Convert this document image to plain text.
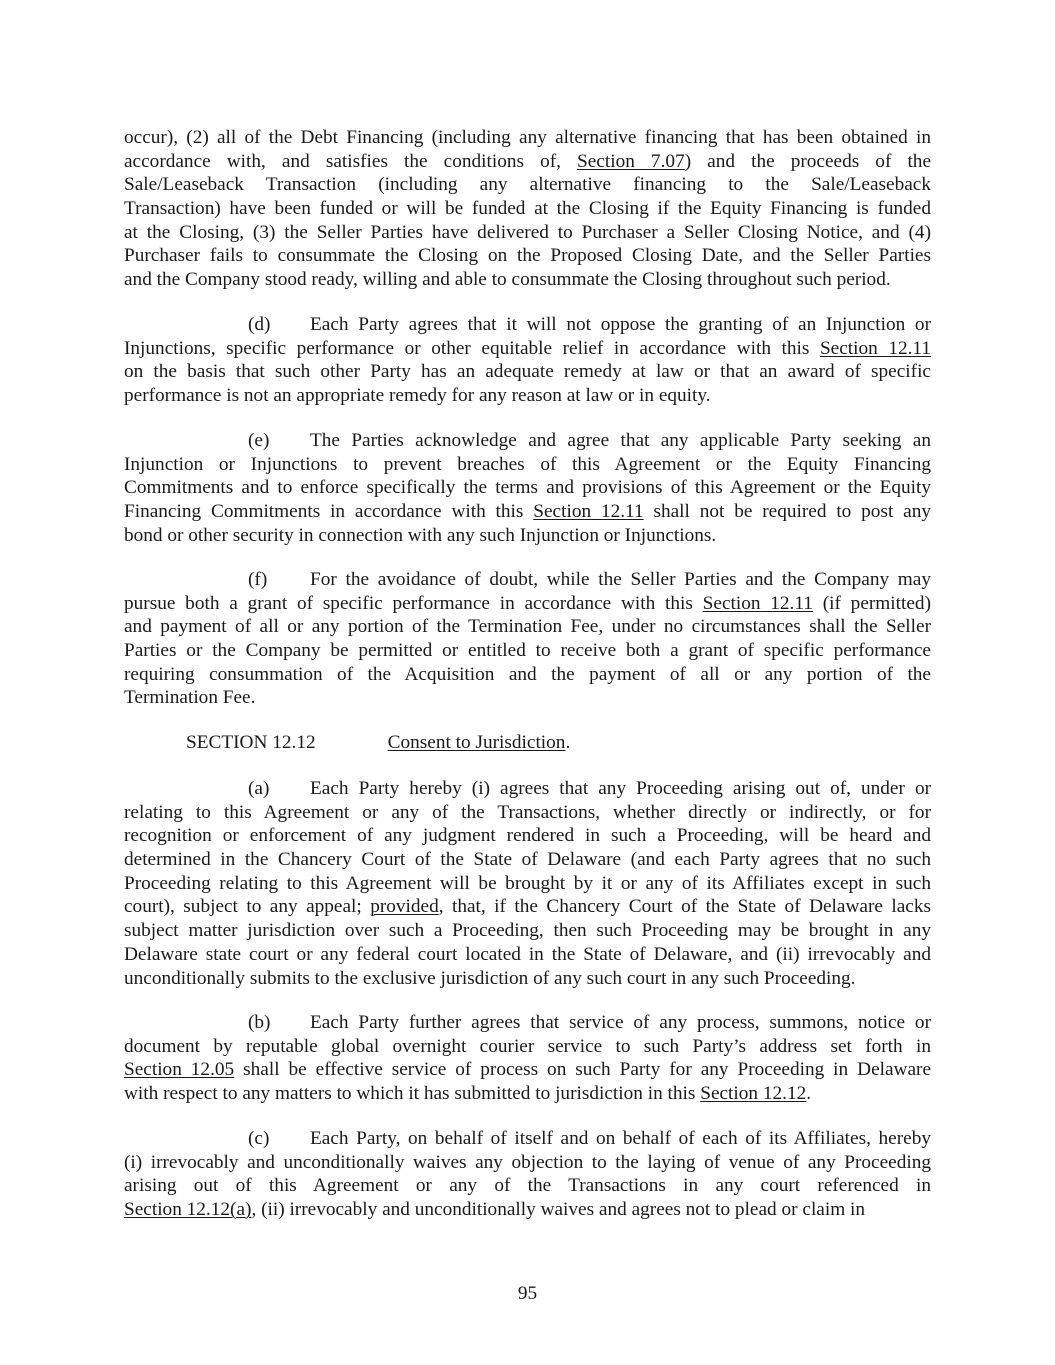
occur), (2) all of the Debt Financing (including any alternative financing that has been obtained in
accordance with, and satisfies the conditions of, Section 7.07) and the proceeds of the
Sale/Leaseback Transaction (including any alternative financing to the Sale/Leaseback
Transaction) have been funded or will be funded at the Closing if the Equity Financing is funded
at the Closing, (3) the Seller Parties have delivered to Purchaser a Seller Closing Notice, and (4)
Purchaser fails to consummate the Closing on the Proposed Closing Date, and the Seller Parties
and the Company stood ready, willing and able to consummate the Closing throughout such period.
(d) Each Party agrees that it will not oppose the granting of an Injunction or
Injunctions, specific performance or other equitable relief in accordance with this Section 12.11
on the basis that such other Party has an adequate remedy at law or that an award of specific
performance is not an appropriate remedy for any reason at law or in equity.
(e) The Parties acknowledge and agree that any applicable Party seeking an
Injunction or Injunctions to prevent breaches of this Agreement or the Equity Financing
Commitments and to enforce specifically the terms and provisions of this Agreement or the Equity
Financing Commitments in accordance with this Section 12.11 shall not be required to post any
bond or other security in connection with any such Injunction or Injunctions.
(f) For the avoidance of doubt, while the Seller Parties and the Company may
pursue both a grant of specific performance in accordance with this Section 12.11 (if permitted)
and payment of all or any portion of the Termination Fee, under no circumstances shall the Seller
Parties or the Company be permitted or entitled to receive both a grant of specific performance
requiring consummation of the Acquisition and the payment of all or any portion of the
Termination Fee.
SECTION 12.12	Consent to Jurisdiction.
(a) Each Party hereby (i) agrees that any Proceeding arising out of, under or
relating to this Agreement or any of the Transactions, whether directly or indirectly, or for
recognition or enforcement of any judgment rendered in such a Proceeding, will be heard and
determined in the Chancery Court of the State of Delaware (and each Party agrees that no such
Proceeding relating to this Agreement will be brought by it or any of its Affiliates except in such
court), subject to any appeal; provided, that, if the Chancery Court of the State of Delaware lacks
subject matter jurisdiction over such a Proceeding, then such Proceeding may be brought in any
Delaware state court or any federal court located in the State of Delaware, and (ii) irrevocably and
unconditionally submits to the exclusive jurisdiction of any such court in any such Proceeding.
(b) Each Party further agrees that service of any process, summons, notice or
document by reputable global overnight courier service to such Party’s address set forth in
Section 12.05 shall be effective service of process on such Party for any Proceeding in Delaware
with respect to any matters to which it has submitted to jurisdiction in this Section 12.12.
(c) Each Party, on behalf of itself and on behalf of each of its Affiliates, hereby
(i) irrevocably and unconditionally waives any objection to the laying of venue of any Proceeding
arising out of this Agreement or any of the Transactions in any court referenced in
Section 12.12(a), (ii) irrevocably and unconditionally waives and agrees not to plead or claim in
95
